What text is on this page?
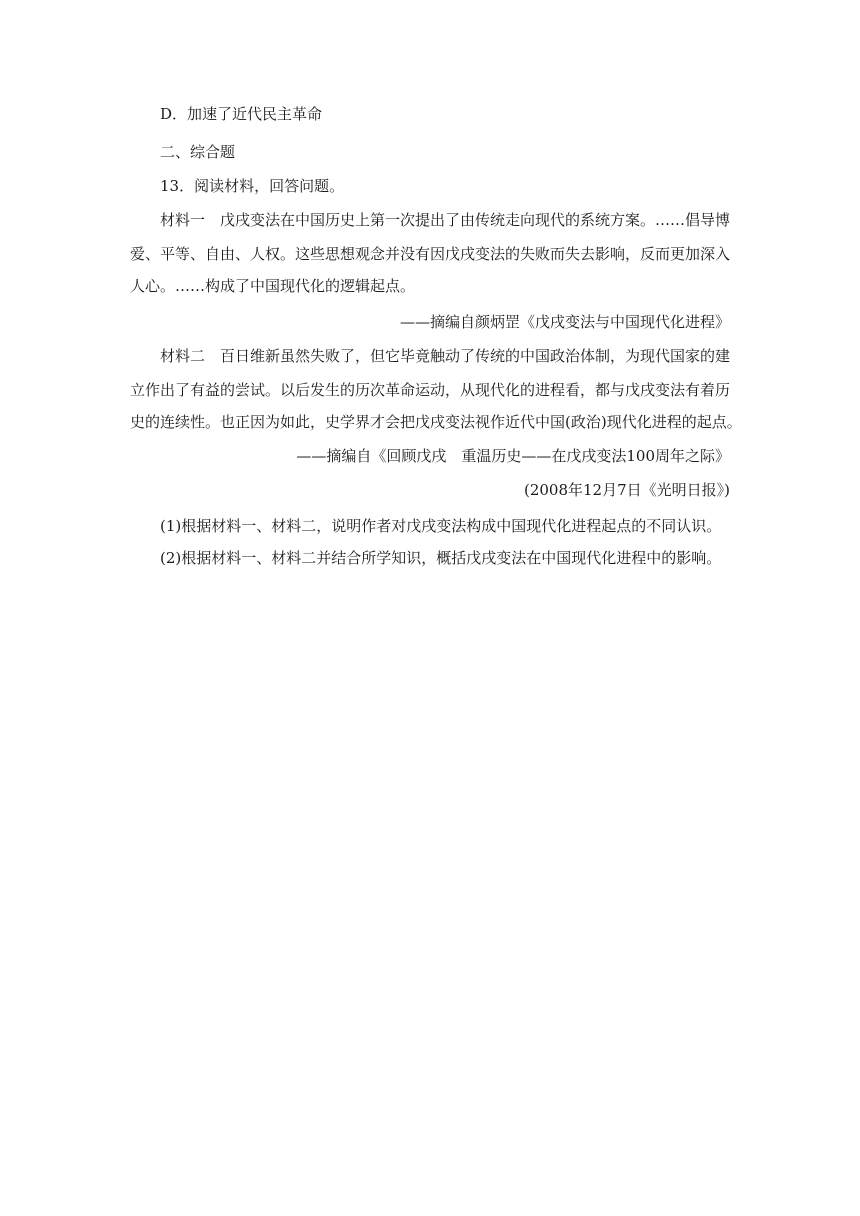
D．加速了近代民主革命
二、综合题
13．阅读材料，回答问题。
材料一　戊戌变法在中国历史上第一次提出了由传统走向现代的系统方案。……倡导博
爱、平等、自由、人权。这些思想观念并没有因戊戌变法的失败而失去影响，反而更加深入
人心。……构成了中国现代化的逻辑起点。
——摘编自颜炳罡《戊戌变法与中国现代化进程》
材料二　百日维新虽然失败了，但它毕竟触动了传统的中国政治体制，为现代国家的建
立作出了有益的尝试。以后发生的历次革命运动，从现代化的进程看，都与戊戌变法有着历
史的连续性。也正因为如此，史学界才会把戊戌变法视作近代中国(政治)现代化进程的起点。
——摘编自《回顾戊戌　重温历史——在戊戌变法100周年之际》
(2008年12月7日《光明日报》)
(1)根据材料一、材料二，说明作者对戊戌变法构成中国现代化进程起点的不同认识。
(2)根据材料一、材料二并结合所学知识，概括戊戌变法在中国现代化进程中的影响。
